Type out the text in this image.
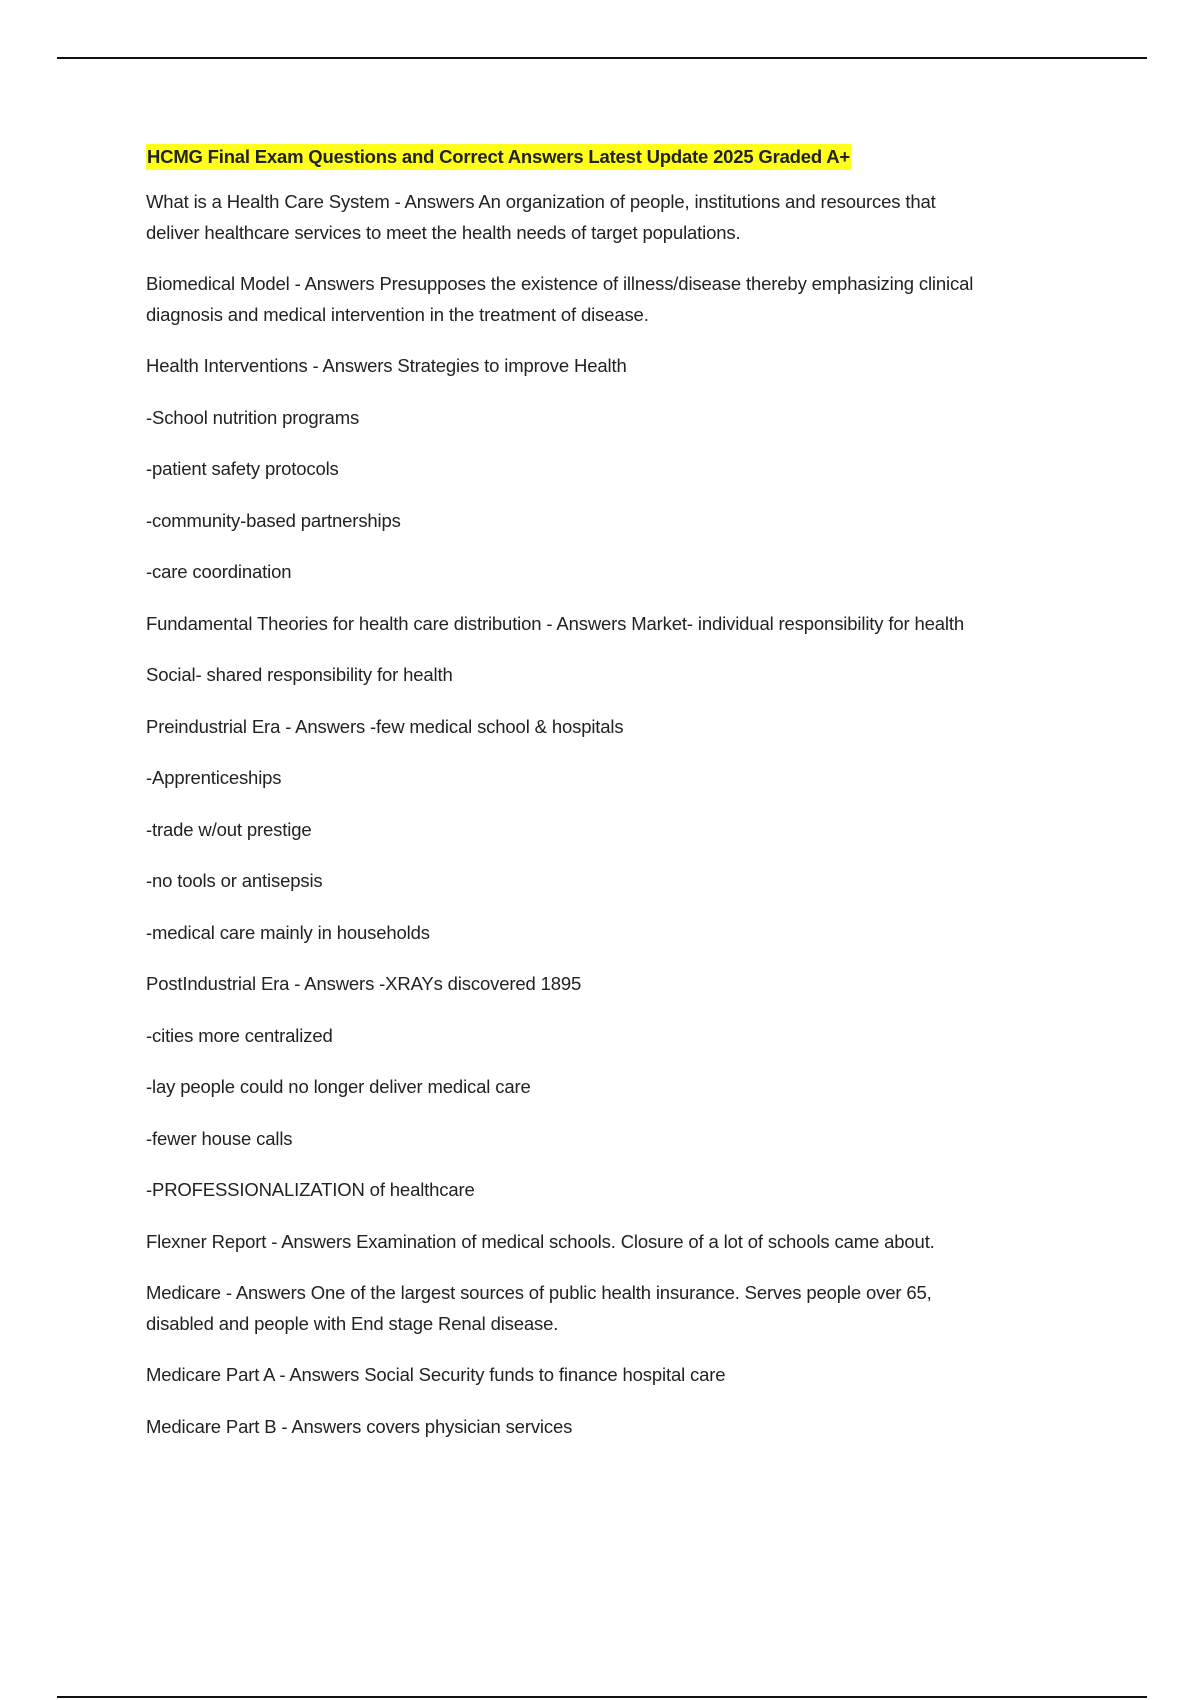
HCMG Final Exam Questions and Correct Answers Latest Update 2025 Graded A+

What is a Health Care System - Answers An organization of people, institutions and resources that
deliver healthcare services to meet the health needs of target populations.

Biomedical Model - Answers Presupposes the existence of illness/disease thereby emphasizing clinical
diagnosis and medical intervention in the treatment of disease.

Health Interventions - Answers Strategies to improve Health

-School nutrition programs

-patient safety protocols

-community-based partnerships

-care coordination

Fundamental Theories for health care distribution - Answers Market- individual responsibility for health

Social- shared responsibility for health

Preindustrial Era - Answers -few medical school & hospitals

-Apprenticeships

-trade w/out prestige

-no tools or antisepsis

-medical care mainly in households

PostIndustrial Era - Answers -XRAYs discovered 1895

-cities more centralized

-lay people could no longer deliver medical care

-fewer house calls

-PROFESSIONALIZATION of healthcare

Flexner Report - Answers Examination of medical schools. Closure of a lot of schools came about.

Medicare - Answers One of the largest sources of public health insurance. Serves people over 65,
disabled and people with End stage Renal disease.

Medicare Part A - Answers Social Security funds to finance hospital care

Medicare Part B - Answers covers physician services
